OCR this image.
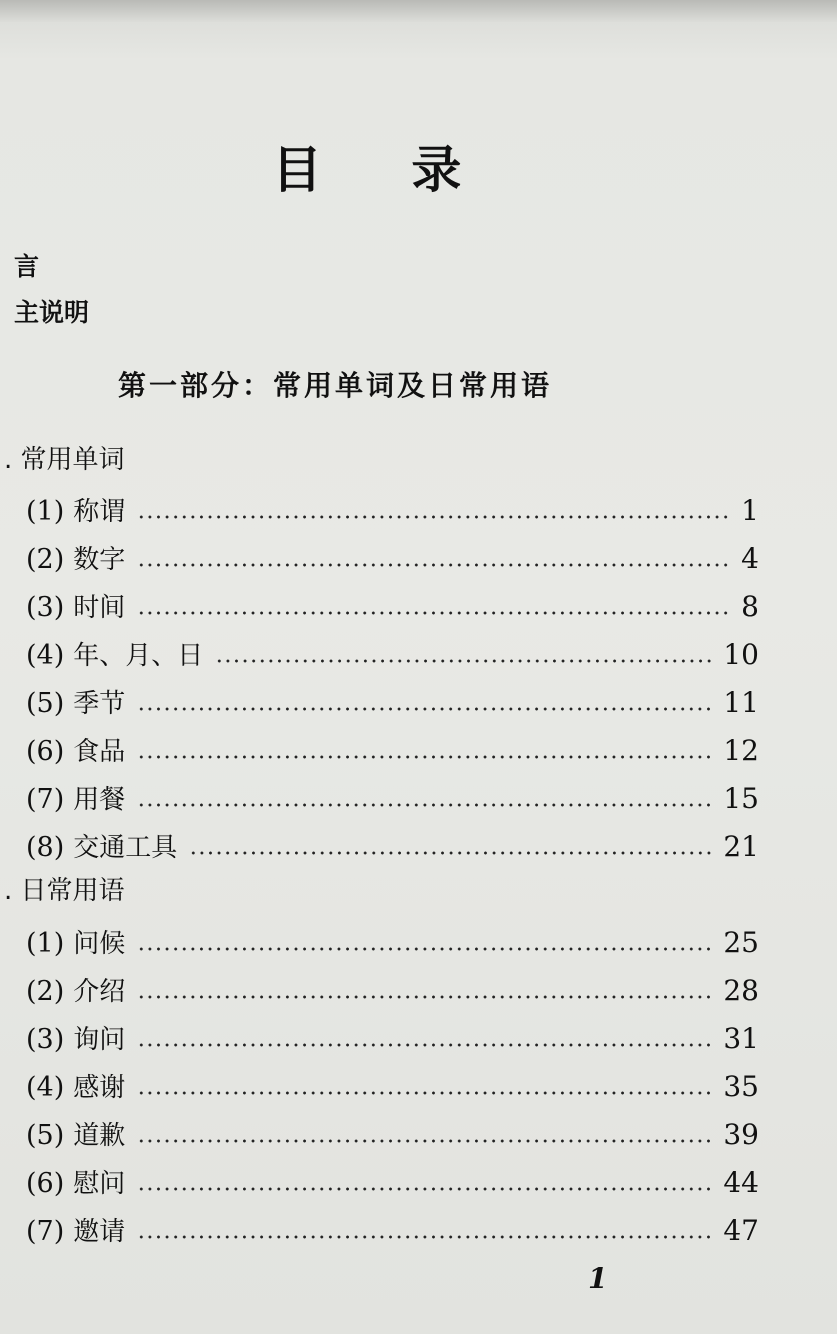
目 录
言
主说明
第一部分：常用单词及日常用语
. 常用单词
(1) 称谓	1
(2) 数字	4
(3) 时间	8
(4) 年、月、日	10
(5) 季节	11
(6) 食品	12
(7) 用餐	15
(8) 交通工具	21
. 日常用语
(1) 问候	25
(2) 介绍	28
(3) 询问	31
(4) 感谢	35
(5) 道歉	39
(6) 慰问	44
(7) 邀请	47
1
